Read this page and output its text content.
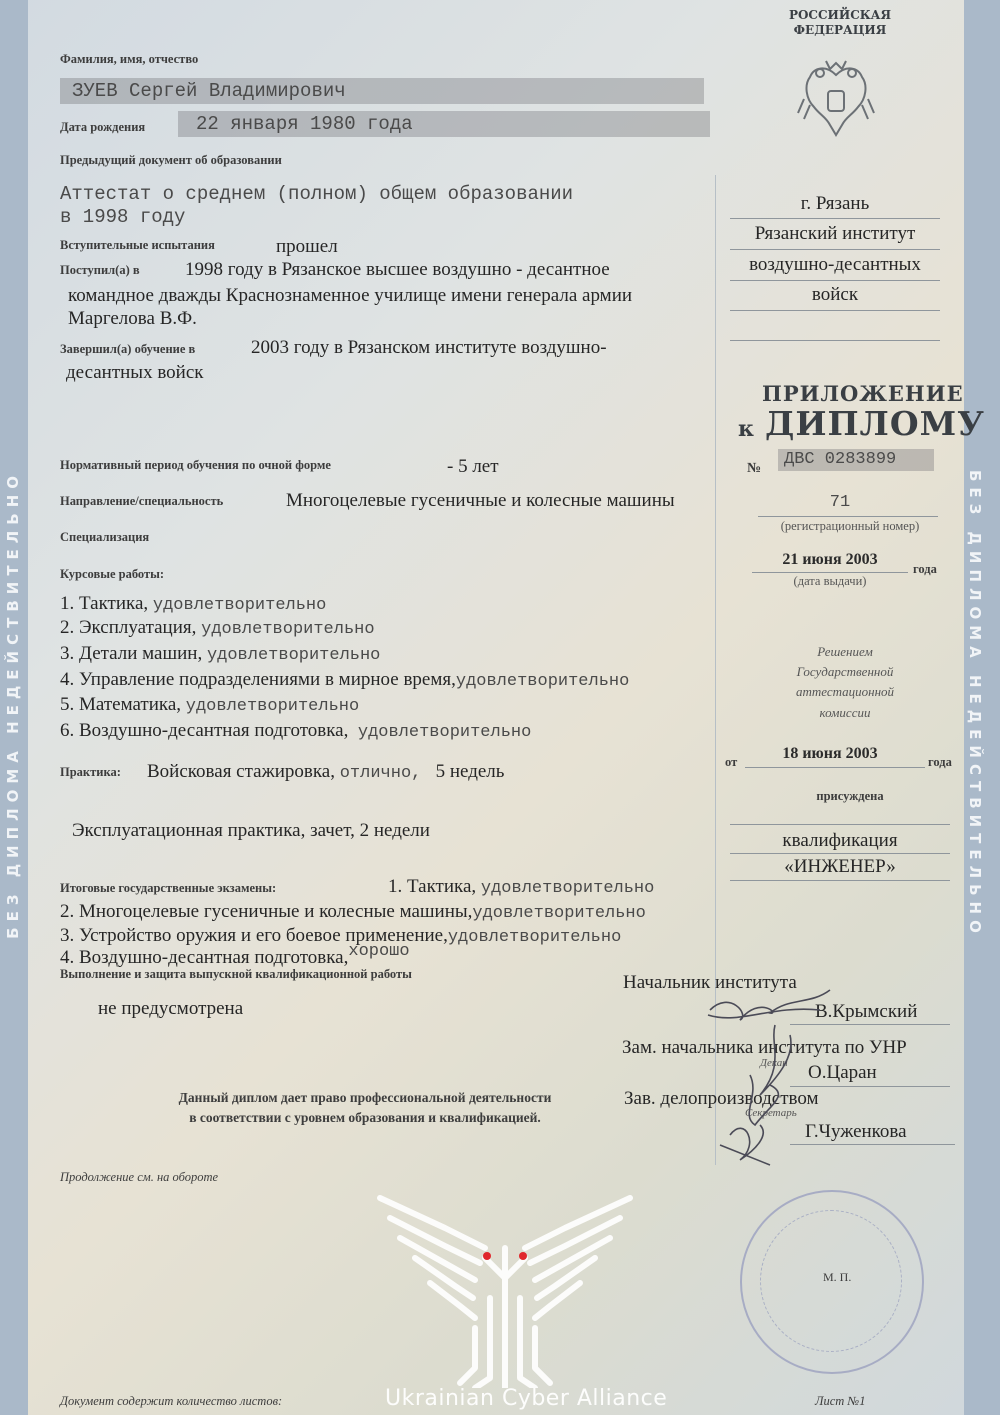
БЕЗ ДИПЛОМА НЕДЕЙСТВИТЕЛЬНО	БЕЗ ДИПЛОМА НЕДЕЙСТВИТЕЛЬНО
РОССИЙСКАЯ
ФЕДЕРАЦИЯ
Фамилия, имя, отчество
ЗУЕВ Сергей Владимирович
Дата рождения	22 января 1980 года
Предыдущий документ об образовании
Аттестат о среднем (полном) общем образовании
в 1998 году
Вступительные испытания	прошел
Поступил(а) в 1998 году в Рязанское высшее воздушно - десантное
командное дважды Краснознаменное училище имени генерала армии
Маргелова В.Ф.
Завершил(а) обучение в	2003 году в Рязанском институте воздушно-
десантных войск
Нормативный период обучения по очной форме	- 5 лет
Направление/специальность	Многоцелевые гусеничные и колесные машины
Специализация
Курсовые работы:
1. Тактика, удовлетворительно
2. Эксплуатация, удовлетворительно
3. Детали машин, удовлетворительно
4. Управление подразделениями в мирное время,удовлетворительно
5. Математика, удовлетворительно
6. Воздушно-десантная подготовка, удовлетворительно
Практика: Войсковая стажировка, отлично, 5 недель
Эксплуатационная практика, зачет, 2 недели
Итоговые государственные экзамены:	1. Тактика, удовлетворительно
2. Многоцелевые гусеничные и колесные машины,удовлетворительно
3. Устройство оружия и его боевое применение,удовлетворительно
4. Воздушно-десантная подготовка,хорошо
Выполнение и защита выпускной квалификационной работы
не предусмотрена
Данный диплом дает право профессиональной деятельности
в соответствии с уровнем образования и квалификацией.
Продолжение см. на обороте
Документ содержит количество листов:
г. Рязань
Рязанский институт
воздушно-десантных
войск
ПРИЛОЖЕНИЕ
к ДИПЛОМУ
№	ДВС 0283899
71
(регистрационный номер)
21 июня 2003
года
(дата выдачи)
Решением
Государственной
аттестационной
комиссии
от	18 июня 2003	года
присуждена
квалификация
«ИНЖЕНЕР»
Начальник института
В.Крымский
Зам. начальника института по УНР
Декан О.Царан
Зав. делопроизводством
Секретарь
Г.Чуженкова
М. П.
Лист №1
Ukrainian Cyber Alliance
